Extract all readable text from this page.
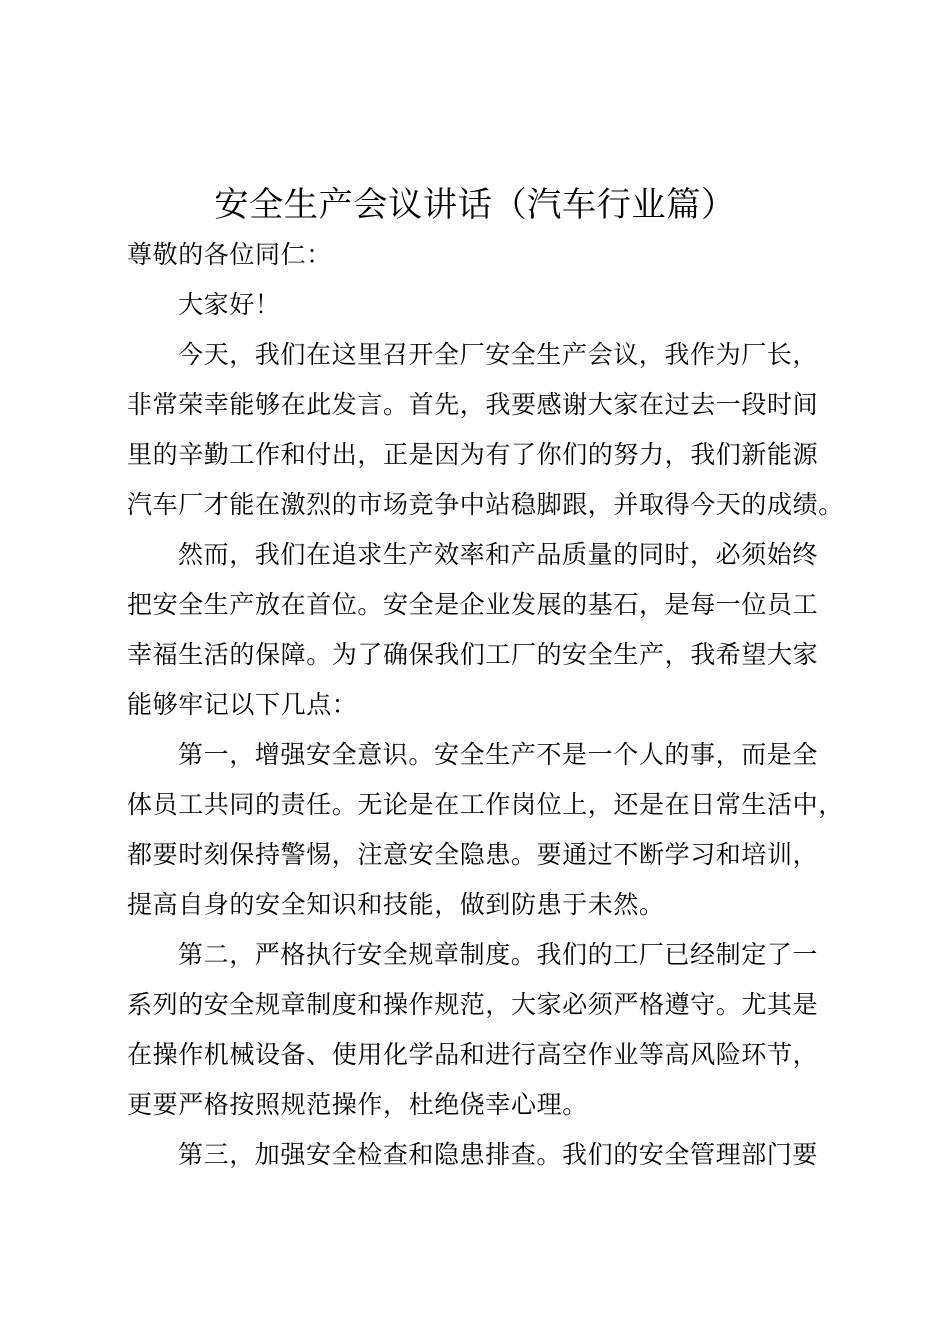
安全生产会议讲话（汽车行业篇）
尊敬的各位同仁：
大家好！
今天，我们在这里召开全厂安全生产会议，我作为厂长，
非常荣幸能够在此发言。首先，我要感谢大家在过去一段时间
里的辛勤工作和付出，正是因为有了你们的努力，我们新能源
汽车厂才能在激烈的市场竞争中站稳脚跟，并取得今天的成绩。
然而，我们在追求生产效率和产品质量的同时，必须始终
把安全生产放在首位。安全是企业发展的基石，是每一位员工
幸福生活的保障。为了确保我们工厂的安全生产，我希望大家
能够牢记以下几点：
第一，增强安全意识。安全生产不是一个人的事，而是全
体员工共同的责任。无论是在工作岗位上，还是在日常生活中，
都要时刻保持警惕，注意安全隐患。要通过不断学习和培训，
提高自身的安全知识和技能，做到防患于未然。
第二，严格执行安全规章制度。我们的工厂已经制定了一
系列的安全规章制度和操作规范，大家必须严格遵守。尤其是
在操作机械设备、使用化学品和进行高空作业等高风险环节，
更要严格按照规范操作，杜绝侥幸心理。
第三，加强安全检查和隐患排查。我们的安全管理部门要
